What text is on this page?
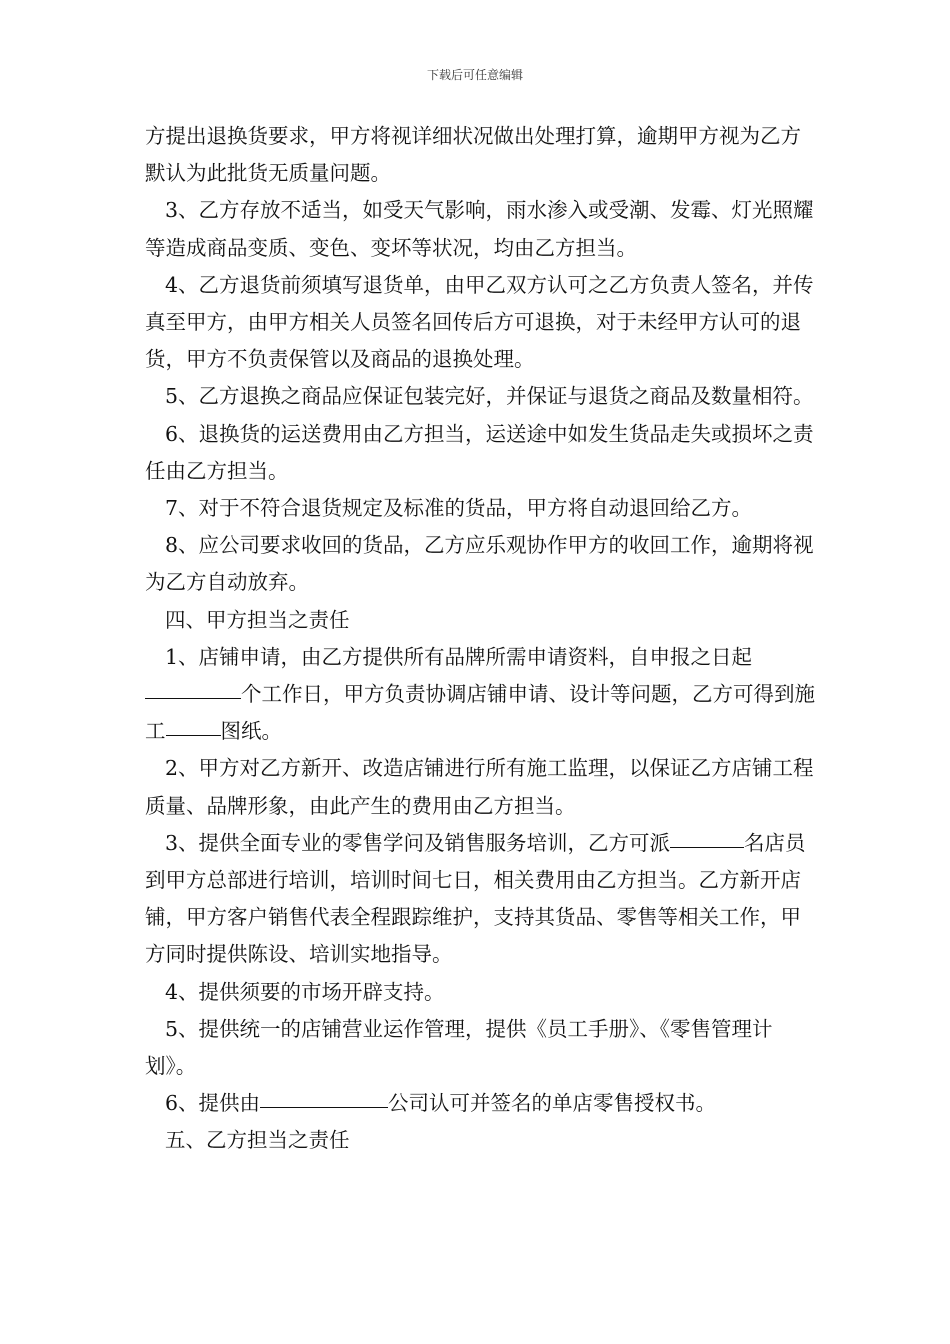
下载后可任意编辑

方提出退换货要求，甲方将视详细状况做出处理打算，逾期甲方视为乙方默认为此批货无质量问题。

3、乙方存放不适当，如受天气影响，雨水渗入或受潮、发霉、灯光照耀等造成商品变质、变色、变坏等状况，均由乙方担当。

4、乙方退货前须填写退货单，由甲乙双方认可之乙方负责人签名，并传真至甲方，由甲方相关人员签名回传后方可退换，对于未经甲方认可的退货，甲方不负责保管以及商品的退换处理。

5、乙方退换之商品应保证包装完好，并保证与退货之商品及数量相符。

6、退换货的运送费用由乙方担当，运送途中如发生货品走失或损坏之责任由乙方担当。

7、对于不符合退货规定及标准的货品，甲方将自动退回给乙方。

8、应公司要求收回的货品，乙方应乐观协作甲方的收回工作，逾期将视为乙方自动放弃。

四、甲方担当之责任

1、店铺申请，由乙方提供所有品牌所需申请资料，自申报之日起个工作日，甲方负责协调店铺申请、设计等问题，乙方可得到施工	图纸。

2、甲方对乙方新开、改造店铺进行所有施工监理，以保证乙方店铺工程质量、品牌形象，由此产生的费用由乙方担当。

3、提供全面专业的零售学问及销售服务培训，乙方可派	名店员到甲方总部进行培训，培训时间七日，相关费用由乙方担当。乙方新开店铺，甲方客户销售代表全程跟踪维护，支持其货品、零售等相关工作，甲方同时提供陈设、培训实地指导。

4、提供须要的市场开辟支持。

5、提供统一的店铺营业运作管理，提供《员工手册》、《零售管理计划》。

6、提供由	公司认可并签名的单店零售授权书。

五、乙方担当之责任
